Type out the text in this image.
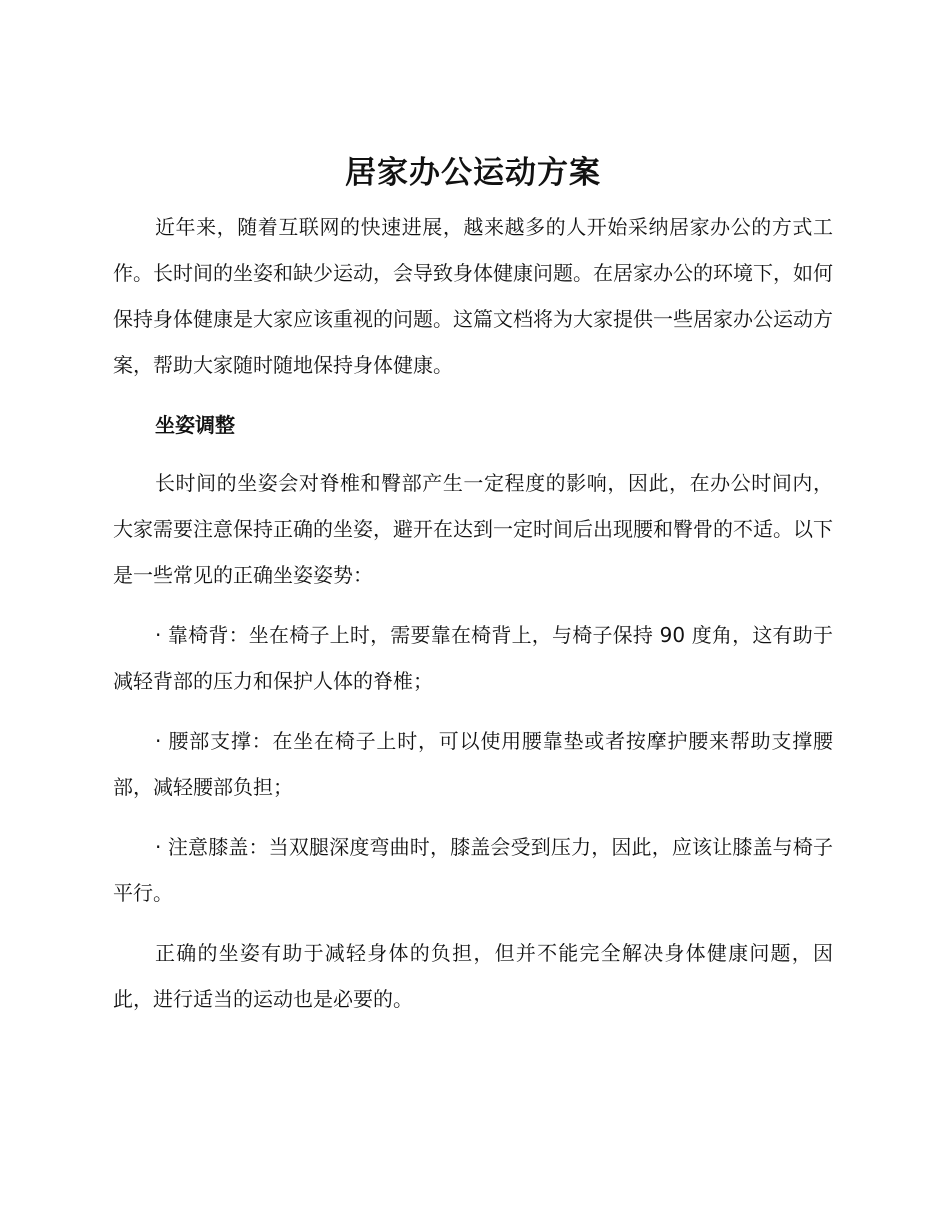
居家办公运动方案

近年来，随着互联网的快速进展，越来越多的人开始采纳居家办公的方式工作。长时间的坐姿和缺少运动，会导致身体健康问题。在居家办公的环境下，如何保持身体健康是大家应该重视的问题。这篇文档将为大家提供一些居家办公运动方案，帮助大家随时随地保持身体健康。

坐姿调整

长时间的坐姿会对脊椎和臀部产生一定程度的影响，因此，在办公时间内，大家需要注意保持正确的坐姿，避开在达到一定时间后出现腰和臀骨的不适。以下是一些常见的正确坐姿姿势：

· 靠椅背：坐在椅子上时，需要靠在椅背上，与椅子保持 90 度角，这有助于减轻背部的压力和保护人体的脊椎；

· 腰部支撑：在坐在椅子上时，可以使用腰靠垫或者按摩护腰来帮助支撑腰部，减轻腰部负担；

· 注意膝盖：当双腿深度弯曲时，膝盖会受到压力，因此，应该让膝盖与椅子平行。

正确的坐姿有助于减轻身体的负担，但并不能完全解决身体健康问题，因此，进行适当的运动也是必要的。
